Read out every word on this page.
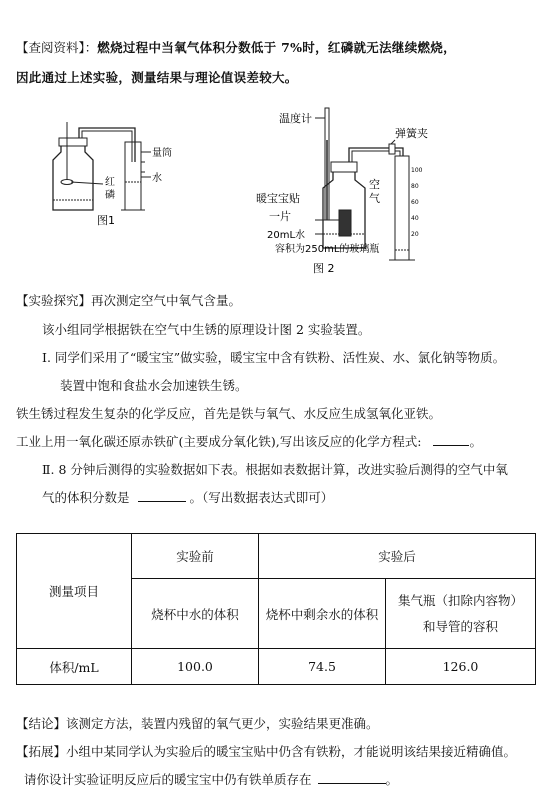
【查阅资料】：燃烧过程中当氧气体积分数低于 7%时，红磷就无法继续燃烧，
因此通过上述实验，测量结果与理论值误差较大。
量筒
红
磷
水
图1
100
80
60
40
20
温度计
弹簧夹
暖宝宝贴
一片
20mL水
空
气
容积为250mL的玻璃瓶
图 2
【实验探究】再次测定空气中氧气含量。
该小组同学根据铁在空气中生锈的原理设计图 2 实验装置。
Ⅰ. 同学们采用了“暖宝宝”做实验，暖宝宝中含有铁粉、活性炭、水、氯化钠等物质。
装置中饱和食盐水会加速铁生锈。
铁生锈过程发生复杂的化学反应，首先是铁与氧气、水反应生成氢氧化亚铁。
工业上用一氧化碳还原赤铁矿(主要成分氧化铁),写出该反应的化学方程式:	。
Ⅱ. 8 分钟后测得的实验数据如下表。根据如表数据计算，改进实验后测得的空气中氧
气的体积分数是	。（写出数据表达式即可）
测量项目	实验前	实验后	
	烧杯中水的体积	烧杯中剩余水的体积	集气瓶（扣除内容物）
和导管的容积

体积/mL	100.0	74.5	126.0
【结论】该测定方法，装置内残留的氧气更少，实验结果更准确。
【拓展】小组中某同学认为实验后的暖宝宝贴中仍含有铁粉，才能说明该结果接近精确值。
请你设计实验证明反应后的暖宝宝中仍有铁单质存在	。
